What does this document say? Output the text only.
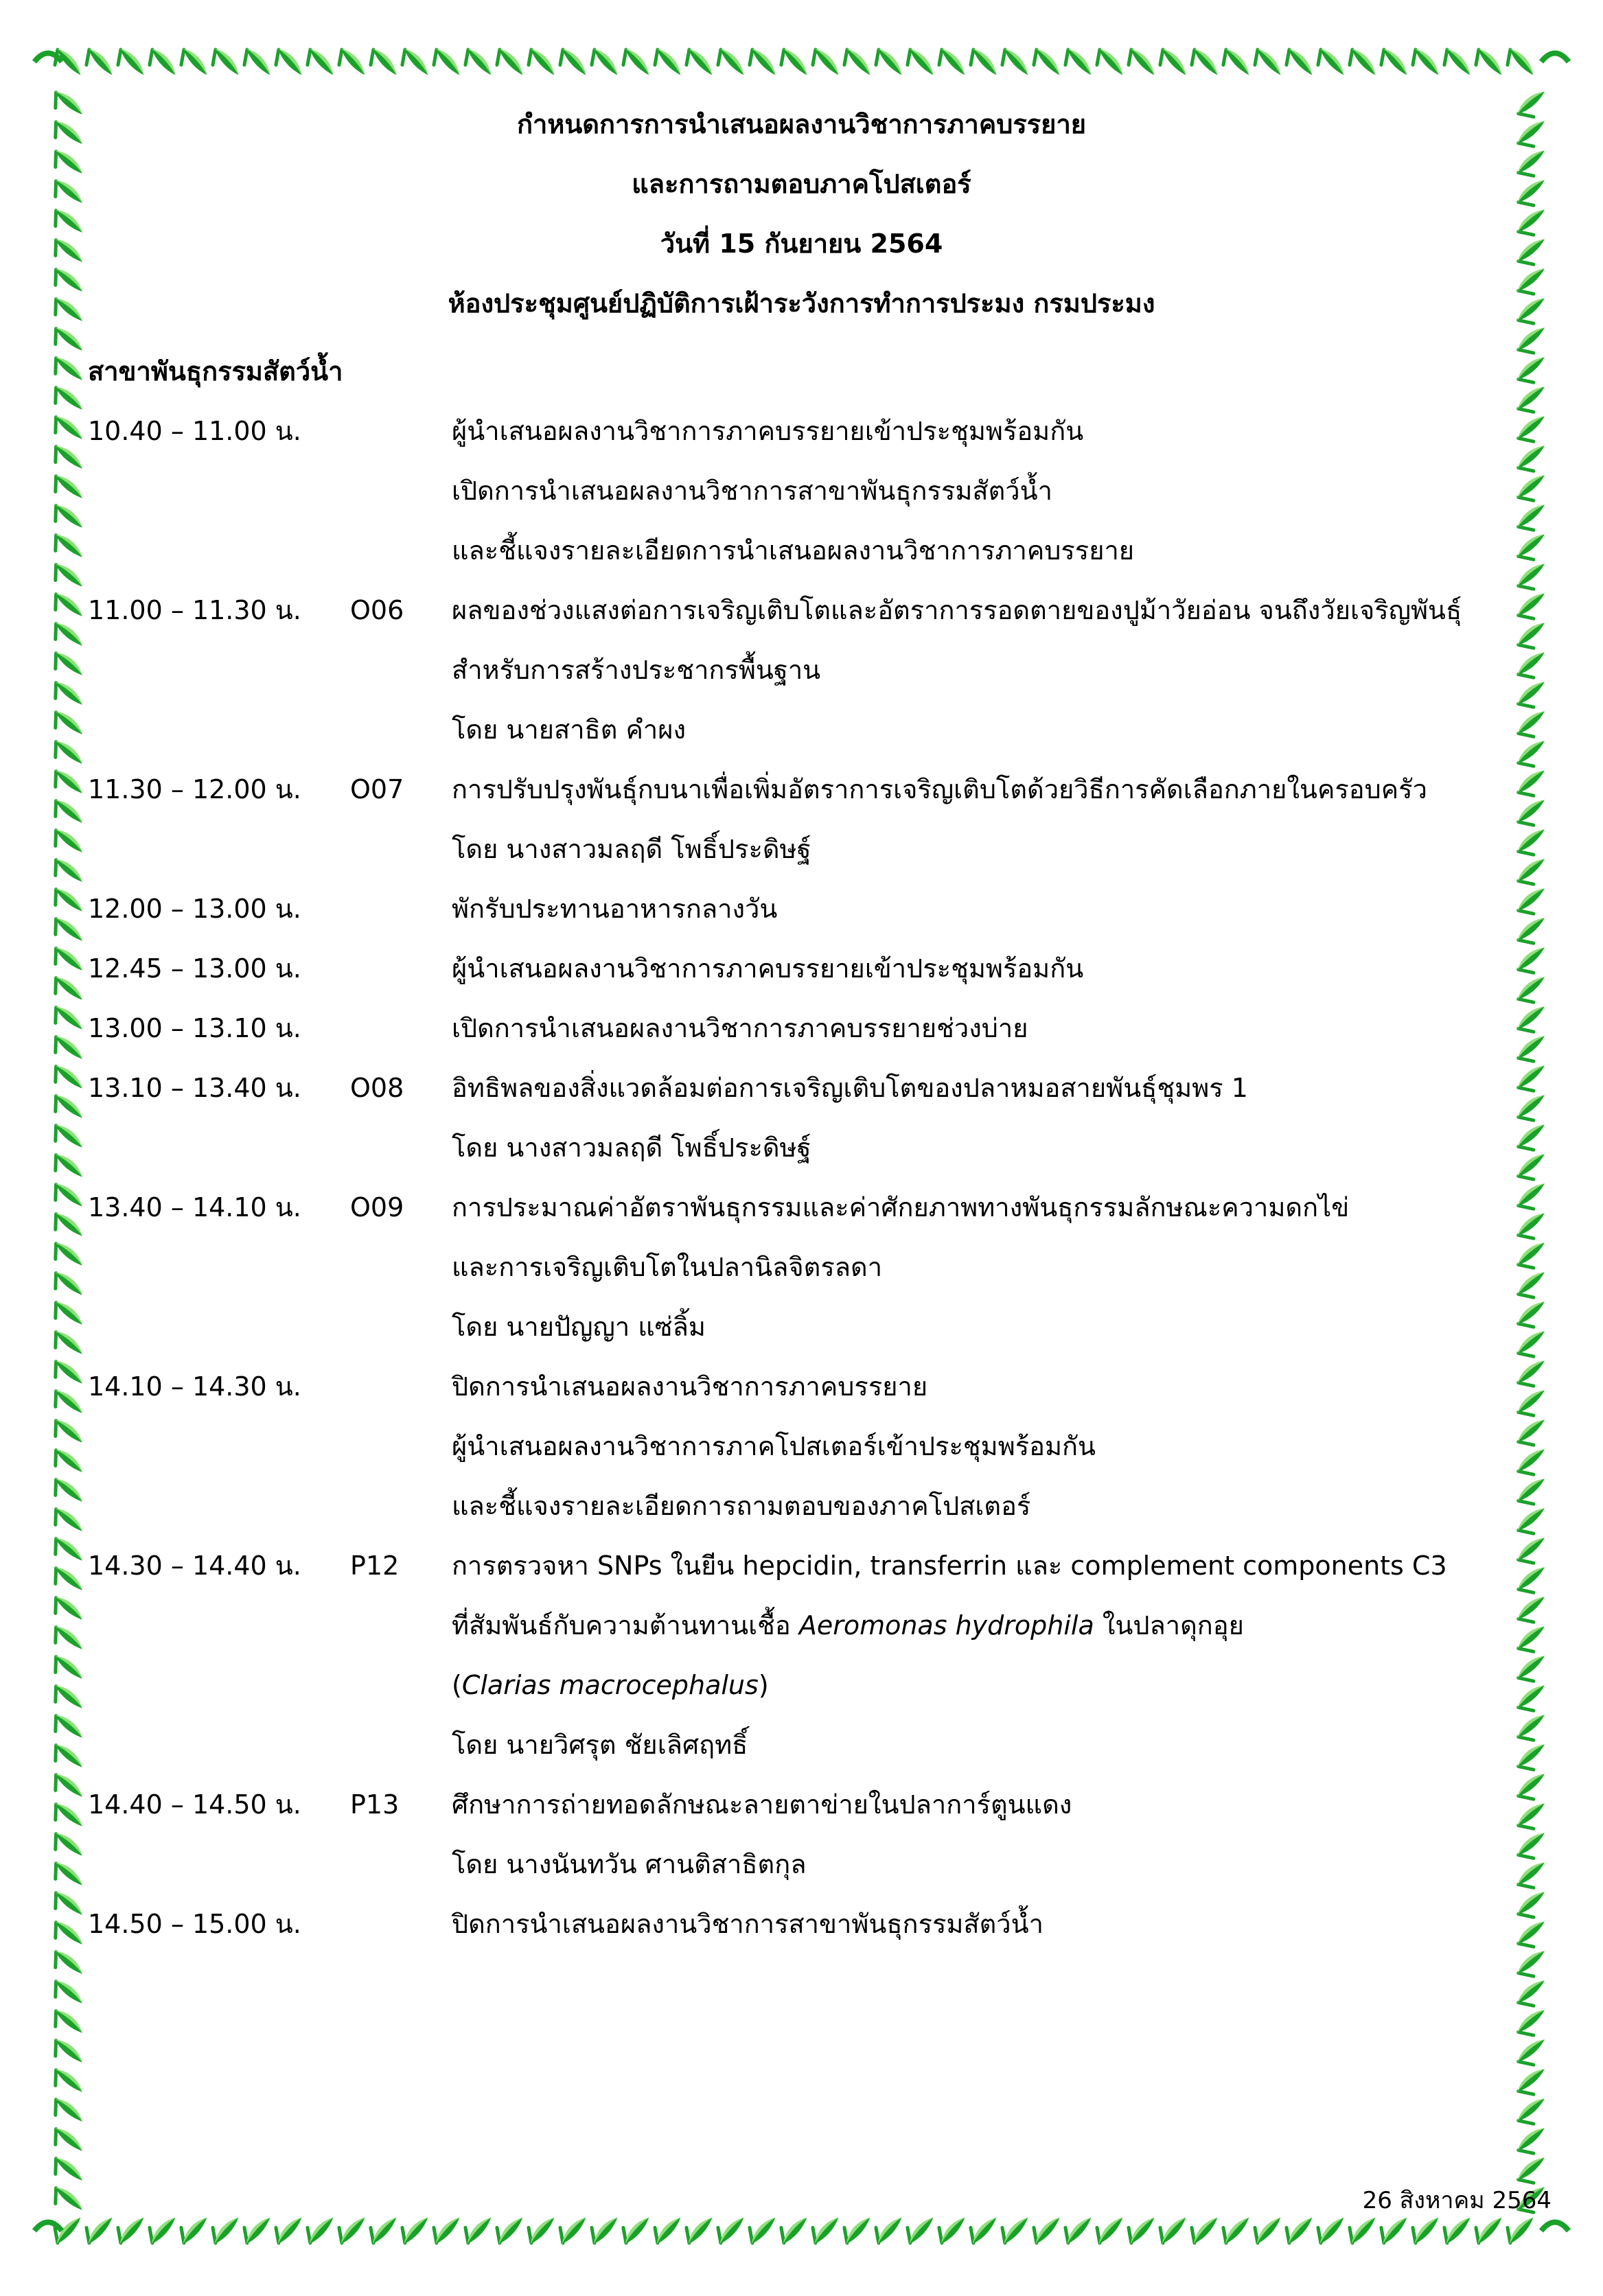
กำหนดการการนำเสนอผลงานวิชาการภาคบรรยาย
และการถามตอบภาคโปสเตอร์
วันที่ 15 กันยายน 2564
ห้องประชุมศูนย์ปฏิบัติการเฝ้าระวังการทำการประมง กรมประมง
สาขาพันธุกรรมสัตว์น้ำ
10.40 – 11.00 น.	ผู้นำเสนอผลงานวิชาการภาคบรรยายเข้าประชุมพร้อมกัน
เปิดการนำเสนอผลงานวิชาการสาขาพันธุกรรมสัตว์น้ำ
และชี้แจงรายละเอียดการนำเสนอผลงานวิชาการภาคบรรยาย
11.00 – 11.30 น. O06 ผลของช่วงแสงต่อการเจริญเติบโตและอัตราการรอดตายของปูม้าวัยอ่อน จนถึงวัยเจริญพันธุ์
สำหรับการสร้างประชากรพื้นฐาน
โดย นายสาธิต คำผง
11.30 – 12.00 น. O07 การปรับปรุงพันธุ์กบนาเพื่อเพิ่มอัตราการเจริญเติบโตด้วยวิธีการคัดเลือกภายในครอบครัว
โดย นางสาวมลฤดี โพธิ์ประดิษฐ์
12.00 – 13.00 น.	พักรับประทานอาหารกลางวัน
12.45 – 13.00 น.	ผู้นำเสนอผลงานวิชาการภาคบรรยายเข้าประชุมพร้อมกัน
13.00 – 13.10 น.	เปิดการนำเสนอผลงานวิชาการภาคบรรยายช่วงบ่าย
13.10 – 13.40 น. O08 อิทธิพลของสิ่งแวดล้อมต่อการเจริญเติบโตของปลาหมอสายพันธุ์ชุมพร 1
โดย นางสาวมลฤดี โพธิ์ประดิษฐ์
13.40 – 14.10 น. O09 การประมาณค่าอัตราพันธุกรรมและค่าศักยภาพทางพันธุกรรมลักษณะความดกไข่
และการเจริญเติบโตในปลานิลจิตรลดา
โดย นายปัญญา แซ่ลิ้ม
14.10 – 14.30 น.	ปิดการนำเสนอผลงานวิชาการภาคบรรยาย
ผู้นำเสนอผลงานวิชาการภาคโปสเตอร์เข้าประชุมพร้อมกัน
และชี้แจงรายละเอียดการถามตอบของภาคโปสเตอร์
14.30 – 14.40 น. P12 การตรวจหา SNPs ในยีน hepcidin, transferrin และ complement components C3
ที่สัมพันธ์กับความต้านทานเชื้อ Aeromonas hydrophila ในปลาดุกอุย
(Clarias macrocephalus)
โดย นายวิศรุต ชัยเลิศฤทธิ์
14.40 – 14.50 น. P13 ศึกษาการถ่ายทอดลักษณะลายตาข่ายในปลาการ์ตูนแดง
โดย นางนันทวัน ศานติสาธิตกุล
14.50 – 15.00 น.	ปิดการนำเสนอผลงานวิชาการสาขาพันธุกรรมสัตว์น้ำ
26 สิงหาคม 2564
